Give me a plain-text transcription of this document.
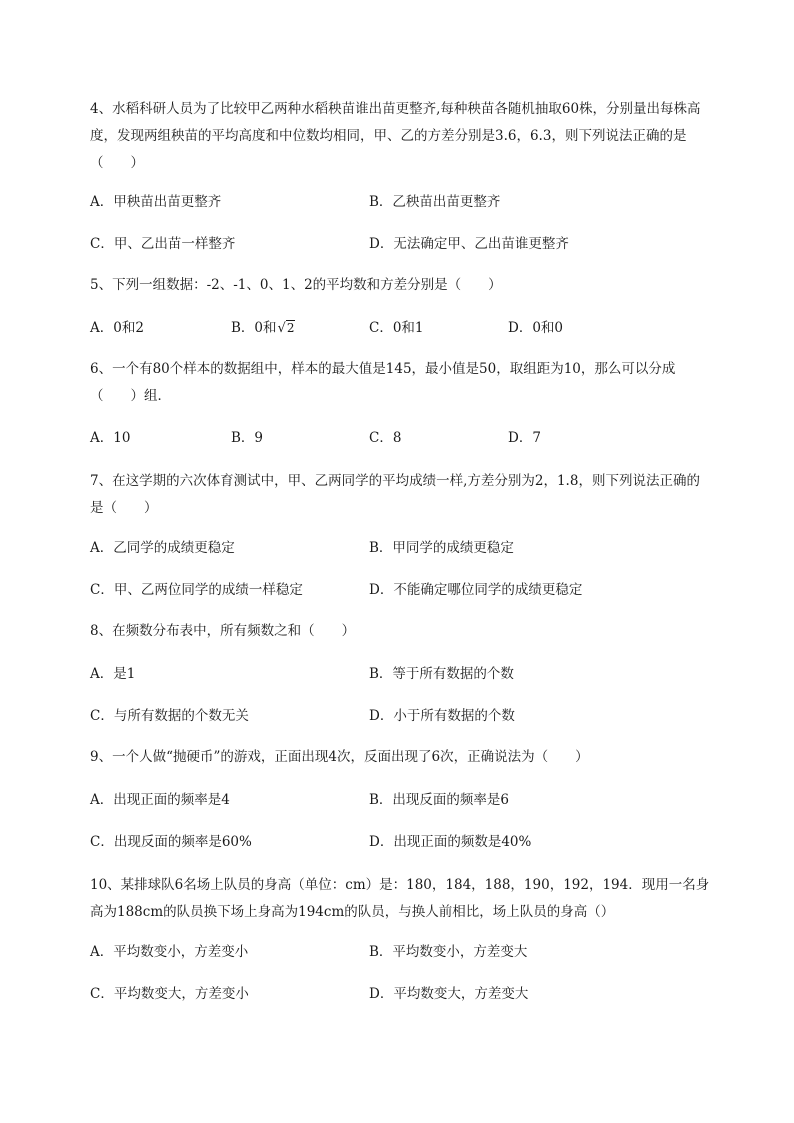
4、水稻科研人员为了比较甲乙两种水稻秧苗谁出苗更整齐,每种秧苗各随机抽取60株，分别量出每株高度，发现两组秧苗的平均高度和中位数均相同，甲、乙的方差分别是3.6，6.3，则下列说法正确的是（　　）
A．甲秧苗出苗更整齐	B．乙秧苗出苗更整齐
C．甲、乙出苗一样整齐	D．无法确定甲、乙出苗谁更整齐
5、下列一组数据：-2、-1、0、1、2的平均数和方差分别是（　　）
A．0和2	B．0和√2	C．0和1	D．0和0
6、一个有80个样本的数据组中，样本的最大值是145，最小值是50，取组距为10，那么可以分成（　　）组．
A．10	B．9	C．8	D．7
7、在这学期的六次体育测试中，甲、乙两同学的平均成绩一样,方差分别为2，1.8，则下列说法正确的是（　　）
A．乙同学的成绩更稳定	B．甲同学的成绩更稳定
C．甲、乙两位同学的成绩一样稳定	D．不能确定哪位同学的成绩更稳定
8、在频数分布表中，所有频数之和（　　）
A．是1	B．等于所有数据的个数
C．与所有数据的个数无关	D．小于所有数据的个数
9、一个人做“抛硬币”的游戏，正面出现4次，反面出现了6次，正确说法为（　　）
A．出现正面的频率是4	B．出现反面的频率是6
C．出现反面的频率是60%	D．出现正面的频数是40%
10、某排球队6名场上队员的身高（单位：cm）是：180，184，188，190，192，194．现用一名身高为188cm的队员换下场上身高为194cm的队员，与换人前相比，场上队员的身高（）
A．平均数变小，方差变小	B．平均数变小，方差变大
C．平均数变大，方差变小	D．平均数变大，方差变大
